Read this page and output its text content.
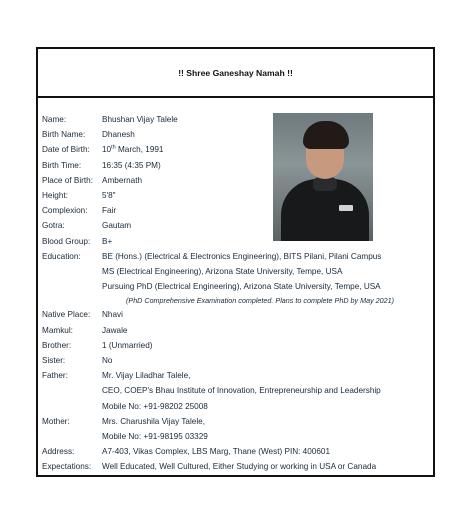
!! Shree Ganeshay Namah !!
Name:	Bhushan Vijay Talele
Birth Name:	Dhanesh
Date of Birth:	10th March, 1991
Birth Time:	16:35 (4:35 PM)
Place of Birth:	Ambernath
Height:	5'8"
Complexion:	Fair
Gotra:	Gautam
Blood Group:	B+
Education:	BE (Hons.) (Electrical & Electronics Engineering), BITS Pilani, Pilani Campus
MS (Electrical Engineering), Arizona State University, Tempe, USA
Pursuing PhD (Electrical Engineering), Arizona State University, Tempe, USA
(PhD Comprehensive Examination completed. Plans to complete PhD by May 2021)
Native Place:	Nhavi
Mamkul:	Jawale
Brother:	1 (Unmarried)
Sister:	No
Father:	Mr. Vijay Liladhar Talele,
CEO, COEP's Bhau Institute of Innovation, Entrepreneurship and Leadership
Mobile No: +91-98202 25008
Mother:	Mrs. Charushila Vijay Talele,
Mobile No: +91-98195 03329
Address:	A7-403, Vikas Complex, LBS Marg, Thane (West) PIN: 400601
Expectations:	Well Educated, Well Cultured, Either Studying or working in USA or Canada
